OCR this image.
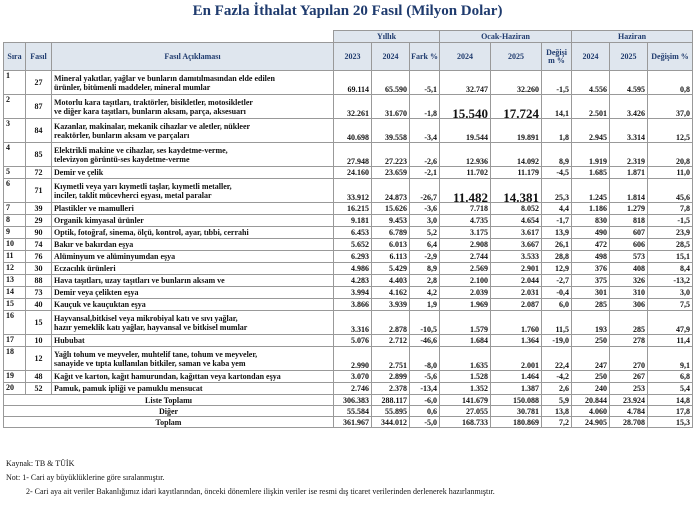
En Fazla İthalat Yapılan 20 Fasıl (Milyon Dolar)
			Yıllık			Ocak-Haziran			Haziran		
Sıra	Fasıl	Fasıl Açıklaması	2023	2024	Fark %	2024	2025	Değişim %	2024	2025	Değişim %
1	27	Mineral yakıtlar, yağlar ve bunların damıtılmasından elde edilen
ürünler, bitümenli maddeler, mineral mumlar	69.114	65.590	-5,1	32.747	32.260	-1,5	4.556	4.595	0,8
2	87	Motorlu kara taşıtları, traktörler, bisikletler, motosikletler
ve diğer kara taşıtları, bunların aksam, parça, aksesuarı	32.261	31.670	-1,8	15.540	17.724	14,1	2.501	3.426	37,0
3	84	Kazanlar, makinalar, mekanik cihazlar ve aletler, nükleer
reaktörler, bunların aksam ve parçaları	40.698	39.558	-3,4	19.544	19.891	1,8	2.945	3.314	12,5
4	85	Elektrikli makine ve cihazlar, ses kaydetme-verme,
televizyon görüntü-ses kaydetme-verme	27.948	27.223	-2,6	12.936	14.092	8,9	1.919	2.319	20,8
5	72	Demir ve çelik	24.160	23.659	-2,1	11.702	11.179	-4,5	1.685	1.871	11,0
6	71	Kıymetli veya yarı kıymetli taşlar, kıymetli metaller,
inciler, taklit mücevherci eşyası, metal paralar	33.912	24.873	-26,7	11.482	14.381	25,3	1.245	1.814	45,6
7	39	Plastikler ve mamulleri	16.215	15.626	-3,6	7.718	8.052	4,4	1.186	1.279	7,8
8	29	Organik kimyasal ürünler	9.181	9.453	3,0	4.735	4.654	-1,7	830	818	-1,5
9	90	Optik, fotoğraf, sinema, ölçü, kontrol, ayar, tıbbi, cerrahi	6.453	6.789	5,2	3.175	3.617	13,9	490	607	23,9
10	74	Bakır ve bakırdan eşya	5.652	6.013	6,4	2.908	3.667	26,1	472	606	28,5
11	76	Alüminyum ve alüminyumdan eşya	6.293	6.113	-2,9	2.744	3.533	28,8	498	573	15,1
12	30	Eczacılık ürünleri	4.986	5.429	8,9	2.569	2.901	12,9	376	408	8,4
13	88	Hava taşıtları, uzay taşıtları ve bunların aksam ve	4.283	4.403	2,8	2.100	2.044	-2,7	375	326	-13,2
14	73	Demir veya çelikten eşya	3.994	4.162	4,2	2.039	2.031	-0,4	301	310	3,0
15	40	Kauçuk ve kauçuktan eşya	3.866	3.939	1,9	1.969	2.087	6,0	285	306	7,5
16	15	Hayvansal,bitkisel veya mikrobiyal katı ve sıvı yağlar,
hazır yemeklik katı yağlar, hayvansal ve bitkisel mumlar	3.316	2.878	-10,5	1.579	1.760	11,5	193	285	47,9
17	10	Hububat	5.076	2.712	-46,6	1.684	1.364	-19,0	250	278	11,4
18	12	Yağlı tohum ve meyveler, muhtelif tane, tohum ve meyveler,
sanayide ve tıpta kullanılan bitkiler, saman ve kaba yem	2.990	2.751	-8,0	1.635	2.001	22,4	247	270	9,1
19	48	Kağıt ve karton, kağıt hamurundan, kağıttan veya kartondan eşya	3.070	2.899	-5,6	1.528	1.464	-4,2	250	267	6,8
20	52	Pamuk, pamuk ipliği ve pamuklu mensucat	2.746	2.378	-13,4	1.352	1.387	2,6	240	253	5,4
Liste Toplamı			306.383	288.117	-6,0	141.679	150.088	5,9	20.844	23.924	14,8
Diğer			55.584	55.895	0,6	27.055	30.781	13,8	4.060	4.784	17,8
Toplam			361.967	344.012	-5,0	168.733	180.869	7,2	24.905	28.708	15,3
Kaynak: TB & TÜİK
Not: 1- Cari ay büyüklüklerine göre sıralanmıştır.
2- Cari aya ait veriler Bakanlığımız idari kayıtlarından, önceki dönemlere ilişkin veriler ise resmi dış ticaret verilerinden derlenerek hazırlanmıştır.
